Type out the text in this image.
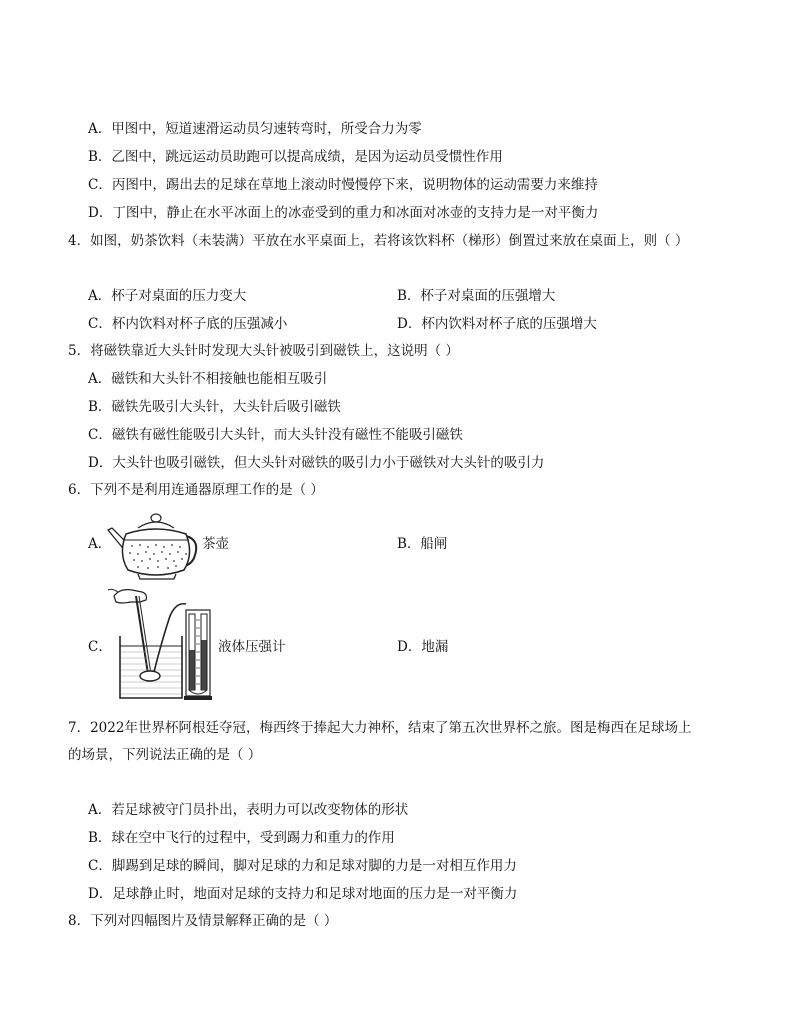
A．甲图中，短道速滑运动员匀速转弯时，所受合力为零
B．乙图中，跳远运动员助跑可以提高成绩，是因为运动员受惯性作用
C．丙图中，踢出去的足球在草地上滚动时慢慢停下来，说明物体的运动需要力来维持
D．丁图中，静止在水平冰面上的冰壶受到的重力和冰面对冰壶的支持力是一对平衡力
4．如图，奶茶饮料（未装满）平放在水平桌面上，若将该饮料杯（梯形）倒置过来放在桌面上，则（ ）
A．杯子对桌面的压力变大	B．杯子对桌面的压强增大
C．杯内饮料对杯子底的压强减小	D．杯内饮料对杯子底的压强增大
5．将磁铁靠近大头针时发现大头针被吸引到磁铁上，这说明（ ）
A．磁铁和大头针不相接触也能相互吸引
B．磁铁先吸引大头针，大头针后吸引磁铁
C．磁铁有磁性能吸引大头针，而大头针没有磁性不能吸引磁铁
D．大头针也吸引磁铁，但大头针对磁铁的吸引力小于磁铁对大头针的吸引力
6．下列不是利用连通器原理工作的是（ ）
A．	茶壶	B．船闸
C．	液体压强计	D．地漏
7．2022年世界杯阿根廷夺冠，梅西终于捧起大力神杯，结束了第五次世界杯之旅。图是梅西在足球场上
的场景，下列说法正确的是（ ）
A．若足球被守门员扑出，表明力可以改变物体的形状
B．球在空中飞行的过程中，受到踢力和重力的作用
C．脚踢到足球的瞬间，脚对足球的力和足球对脚的力是一对相互作用力
D．足球静止时，地面对足球的支持力和足球对地面的压力是一对平衡力
8．下列对四幅图片及情景解释正确的是（ ）
